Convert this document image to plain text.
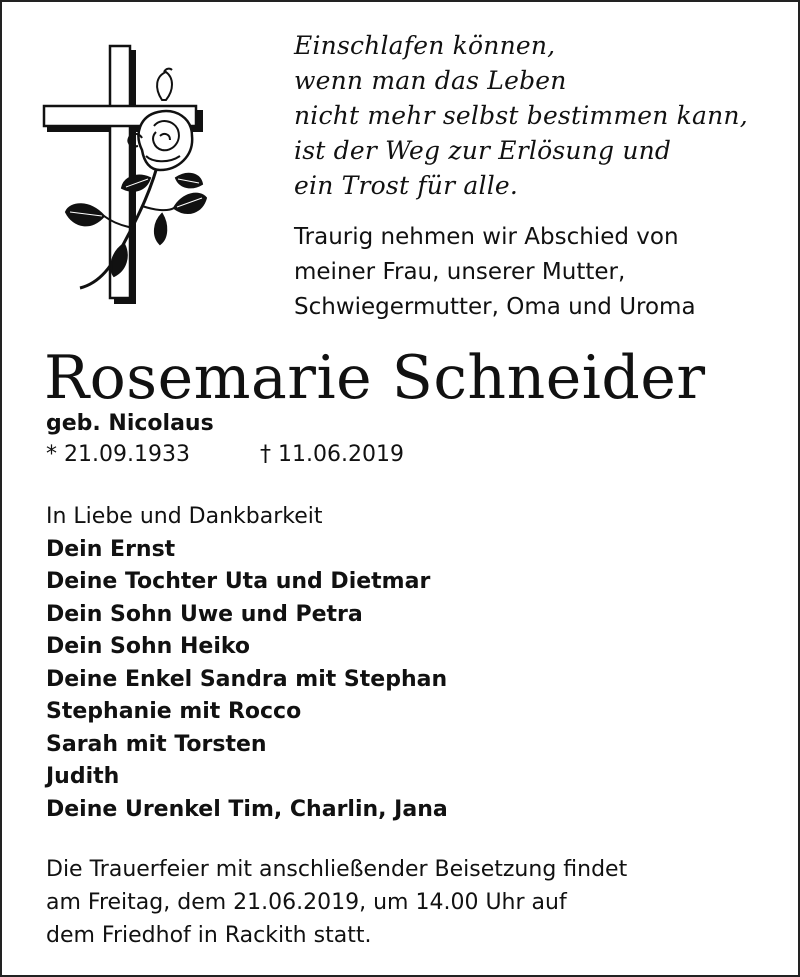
Einschlafen können,
wenn man das Leben
nicht mehr selbst bestimmen kann,
ist der Weg zur Erlösung und
ein Trost für alle.
Traurig nehmen wir Abschied von
meiner Frau, unserer Mutter,
Schwiegermutter, Oma und Uroma
Rosemarie Schneider
geb. Nicolaus
* 21.09.1933	† 11.06.2019
In Liebe und Dankbarkeit
Dein Ernst
Deine Tochter Uta und Dietmar
Dein Sohn Uwe und Petra
Dein Sohn Heiko
Deine Enkel Sandra mit Stephan
Stephanie mit Rocco
Sarah mit Torsten
Judith
Deine Urenkel Tim, Charlin, Jana
Die Trauerfeier mit anschließender Beisetzung findet
am Freitag, dem 21.06.2019, um 14.00 Uhr auf
dem Friedhof in Rackith statt.
